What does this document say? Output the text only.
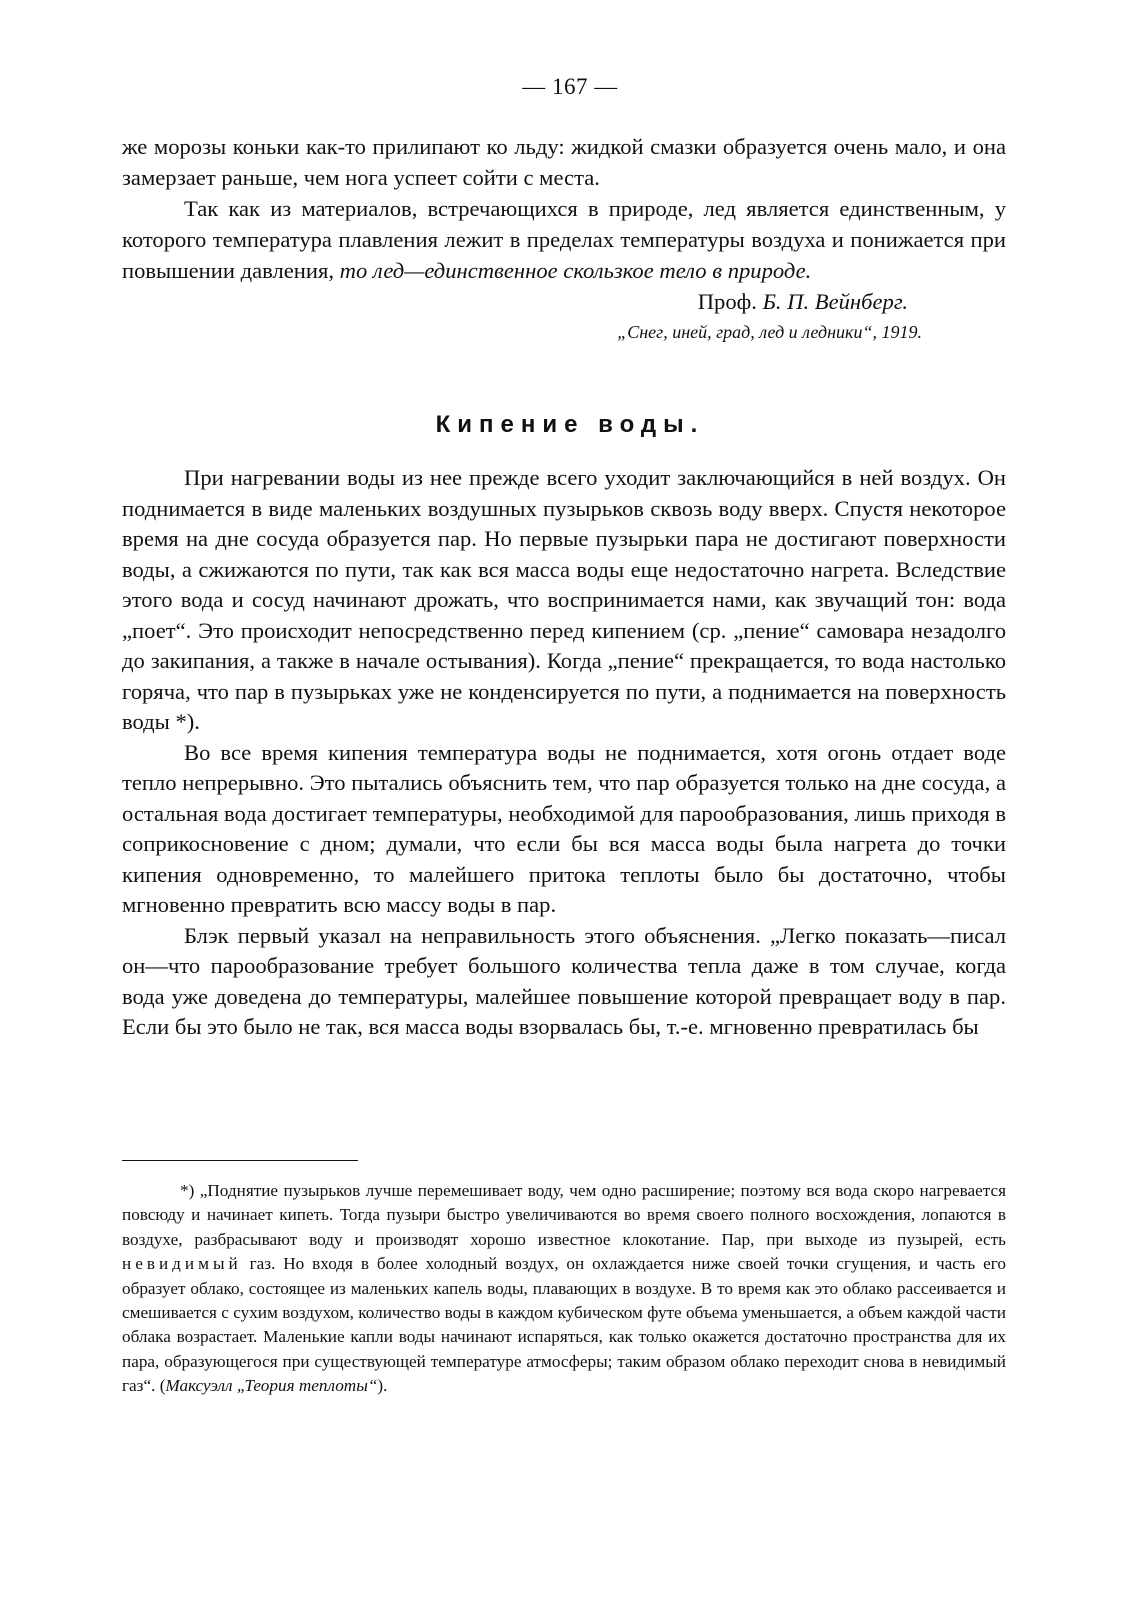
— 167 —

же морозы коньки как-то прилипают ко льду: жидкой смазки образуется очень мало, и она замерзает раньше, чем нога успеет сойти с места.

Так как из материалов, встречающихся в природе, лед является единственным, у которого температура плавления лежит в пределах температуры воздуха и понижается при повышении давления, то лед—единственное скользкое тело в природе.

Проф. Б. П. Вейнберг.
„Снег, иней, град, лед и ледники“, 1919.
Кипение воды.

При нагревании воды из нее прежде всего уходит заключающийся в ней воздух. Он поднимается в виде маленьких воздушных пузырьков сквозь воду вверх. Спустя некоторое время на дне сосуда образуется пар. Но первые пузырьки пара не достигают поверхности воды, а сжижаются по пути, так как вся масса воды еще недостаточно нагрета. Вследствие этого вода и сосуд начинают дрожать, что воспринимается нами, как звучащий тон: вода „поет“. Это происходит непосредственно перед кипением (ср. „пение“ самовара незадолго до закипания, а также в начале остывания). Когда „пение“ прекращается, то вода настолько горяча, что пар в пузырьках уже не конденсируется по пути, а поднимается на поверхность воды *).

Во все время кипения температура воды не поднимается, хотя огонь отдает воде тепло непрерывно. Это пытались объяснить тем, что пар образуется только на дне сосуда, а остальная вода достигает температуры, необходимой для парообразования, лишь приходя в соприкосновение с дном; думали, что если бы вся масса воды была нагрета до точки кипения одновременно, то малейшего притока теплоты было бы достаточно, чтобы мгновенно превратить всю массу воды в пар.

Блэк первый указал на неправильность этого объяснения. „Легко показать—писал он—что парообразование требует большого количества тепла даже в том случае, когда вода уже доведена до температуры, малейшее повышение которой превращает воду в пар. Если бы это было не так, вся масса воды взорвалась бы, т.-е. мгновенно превратилась бы

*) „Поднятие пузырьков лучше перемешивает воду, чем одно расширение; поэтому вся вода скоро нагревается повсюду и начинает кипеть. Тогда пузыри быстро увеличиваются во время своего полного восхождения, лопаются в воздухе, разбрасывают воду и производят хорошо известное клокотание. Пар, при выходе из пузырей, есть невидимый газ. Но входя в более холодный воздух, он охлаждается ниже своей точки сгущения, и часть его образует облако, состоящее из маленьких капель воды, плавающих в воздухе. В то время как это облако рассеивается и смешивается с сухим воздухом, количество воды в каждом кубическом футе объема уменьшается, а объем каждой части облака возрастает. Маленькие капли воды начинают испаряться, как только окажется достаточно пространства для их пара, образующегося при существующей температуре атмосферы; таким образом облако переходит снова в невидимый газ“. (Максуэлл „Теория теплоты“).
